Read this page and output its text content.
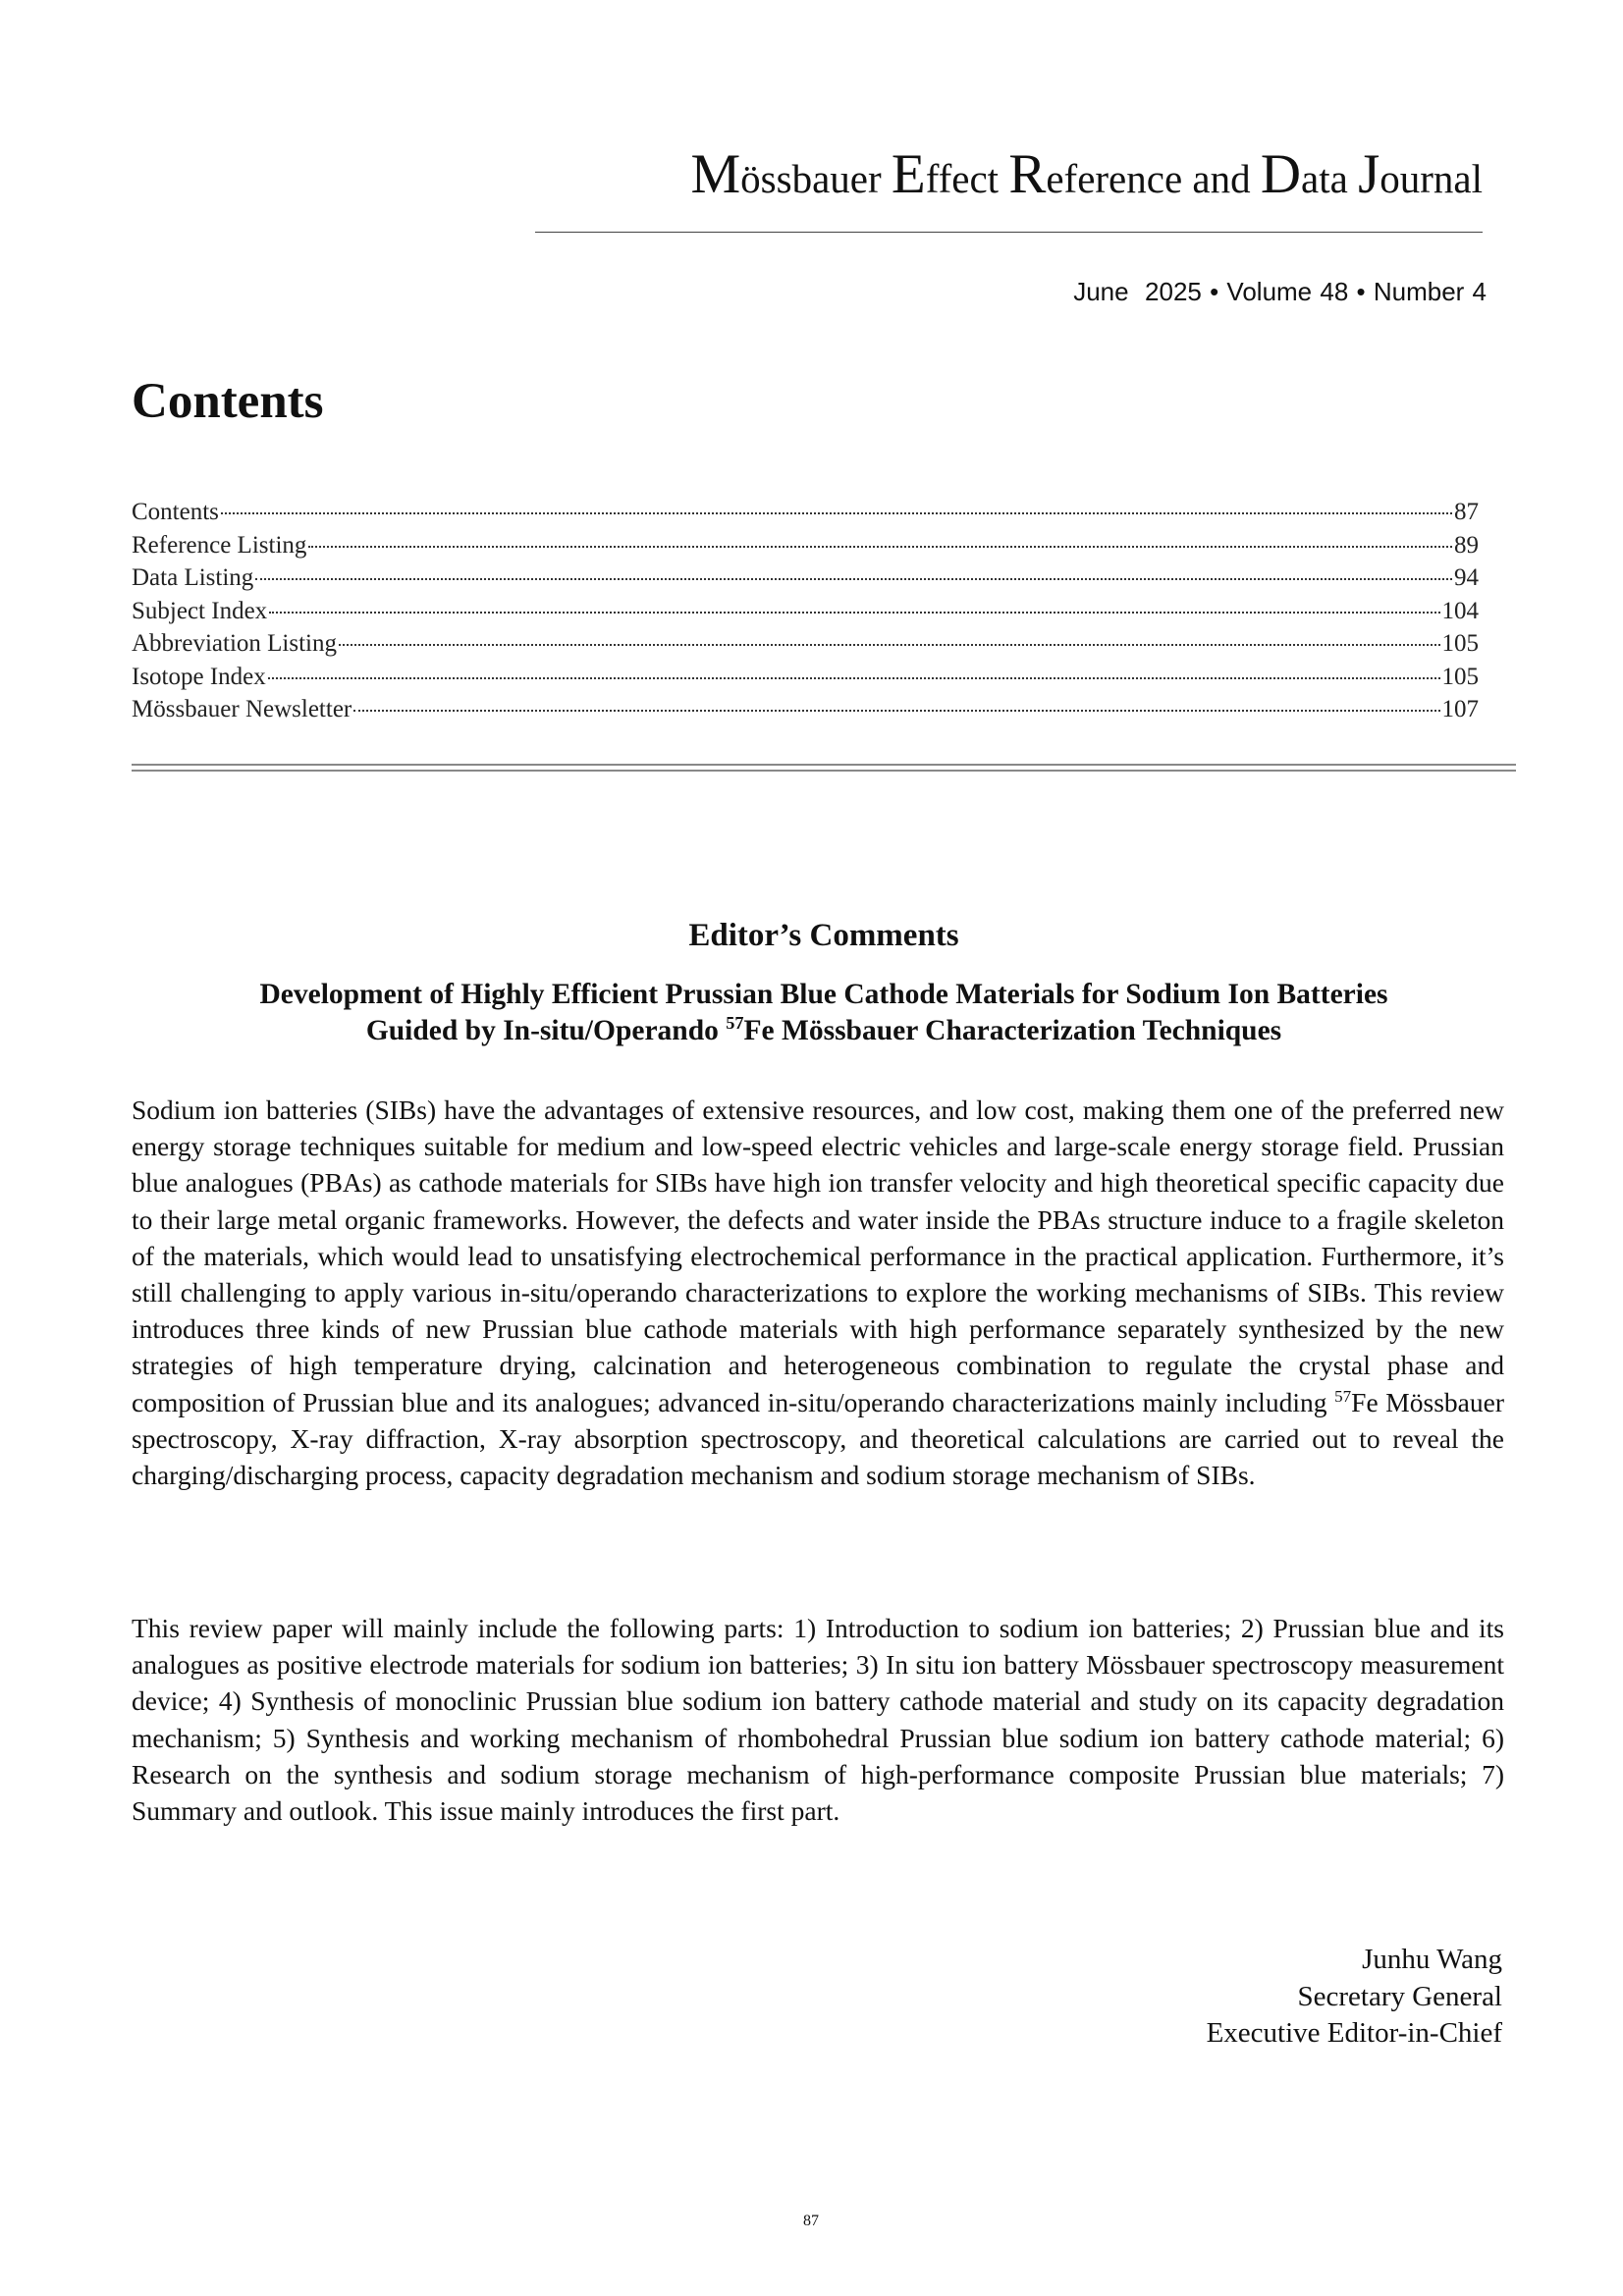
Mössbauer Effect Reference and Data Journal
June  2025 • Volume 48 • Number 4
Contents
Contents	87
Reference Listing	89
Data Listing	94
Subject Index	104
Abbreviation Listing	105
Isotope Index	105
Mössbauer Newsletter	107
Editor’s Comments
Development of Highly Efficient Prussian Blue Cathode Materials for Sodium Ion Batteries
Guided by In-situ/Operando $^{57}$Fe Mössbauer Characterization Techniques
Sodium ion batteries (SIBs) have the advantages of extensive resources, and low cost, making them one of the preferred new energy storage techniques suitable for medium and low-speed electric vehicles and large-scale energy storage field. Prussian blue analogues (PBAs) as cathode materials for SIBs have high ion transfer velocity and high theoretical specific capacity due to their large metal organic frameworks. However, the defects and water inside the PBAs structure induce to a fragile skeleton of the materials, which would lead to unsatisfying electrochemical performance in the practical application. Furthermore, it’s still challenging to apply various in-situ/operando characterizations to explore the working mechanisms of SIBs. This review introduces three kinds of new Prussian blue cathode materials with high performance separately synthesized by the new strategies of high temperature drying, calcination and heterogeneous combination to regulate the crystal phase and composition of Prussian blue and its analogues; advanced in-situ/operando characterizations mainly including $^{57}$Fe Mössbauer spectroscopy, X-ray diffraction, X-ray absorption spectroscopy, and theoretical calculations are carried out to reveal the charging/discharging process, capacity degradation mechanism and sodium storage mechanism of SIBs.
This review paper will mainly include the following parts: 1) Introduction to sodium ion batteries; 2) Prussian blue and its analogues as positive electrode materials for sodium ion batteries; 3) In situ ion battery Mössbauer spectroscopy measurement device; 4) Synthesis of monoclinic Prussian blue sodium ion battery cathode material and study on its capacity degradation mechanism; 5) Synthesis and working mechanism of rhombohedral Prussian blue sodium ion battery cathode material; 6) Research on the synthesis and sodium storage mechanism of high-performance composite Prussian blue materials; 7) Summary and outlook. This issue mainly introduces the first part.
Junhu Wang
Secretary General
Executive Editor-in-Chief
87
